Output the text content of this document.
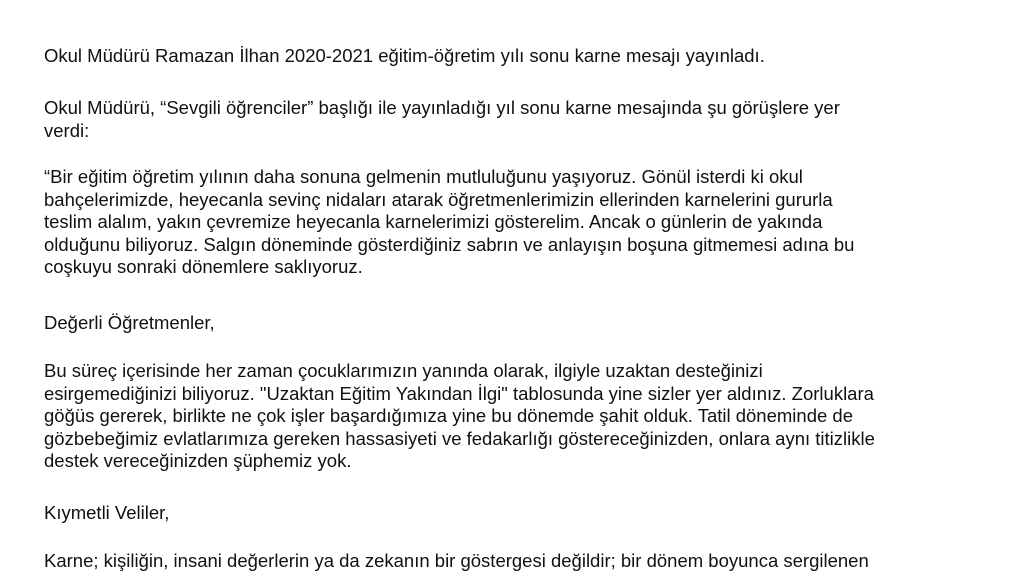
Okul Müdürü Ramazan İlhan 2020-2021 eğitim-öğretim yılı sonu karne mesajı yayınladı.

Okul Müdürü, “Sevgili öğrenciler” başlığı ile yayınladığı yıl sonu karne mesajında şu görüşlere yer
verdi:

“Bir eğitim öğretim yılının daha sonuna gelmenin mutluluğunu yaşıyoruz. Gönül isterdi ki okul
bahçelerimizde, heyecanla sevinç nidaları atarak öğretmenlerimizin ellerinden karnelerini gururla
teslim alalım, yakın çevremize heyecanla karnelerimizi gösterelim. Ancak o günlerin de yakında
olduğunu biliyoruz. Salgın döneminde gösterdiğiniz sabrın ve anlayışın boşuna gitmemesi adına bu
coşkuyu sonraki dönemlere saklıyoruz.

Değerli Öğretmenler,

Bu süreç içerisinde her zaman çocuklarımızın yanında olarak, ilgiyle uzaktan desteğinizi
esirgemediğinizi biliyoruz. "Uzaktan Eğitim Yakından İlgi" tablosunda yine sizler yer aldınız. Zorluklara
göğüs gererek, birlikte ne çok işler başardığımıza yine bu dönemde şahit olduk. Tatil döneminde de
gözbebeğimiz evlatlarımıza gereken hassasiyeti ve fedakarlığı göstereceğinizden, onlara aynı titizlikle
destek vereceğinizden şüphemiz yok.

Kıymetli Veliler,

Karne; kişiliğin, insani değerlerin ya da zekanın bir göstergesi değildir; bir dönem boyunca sergilenen
